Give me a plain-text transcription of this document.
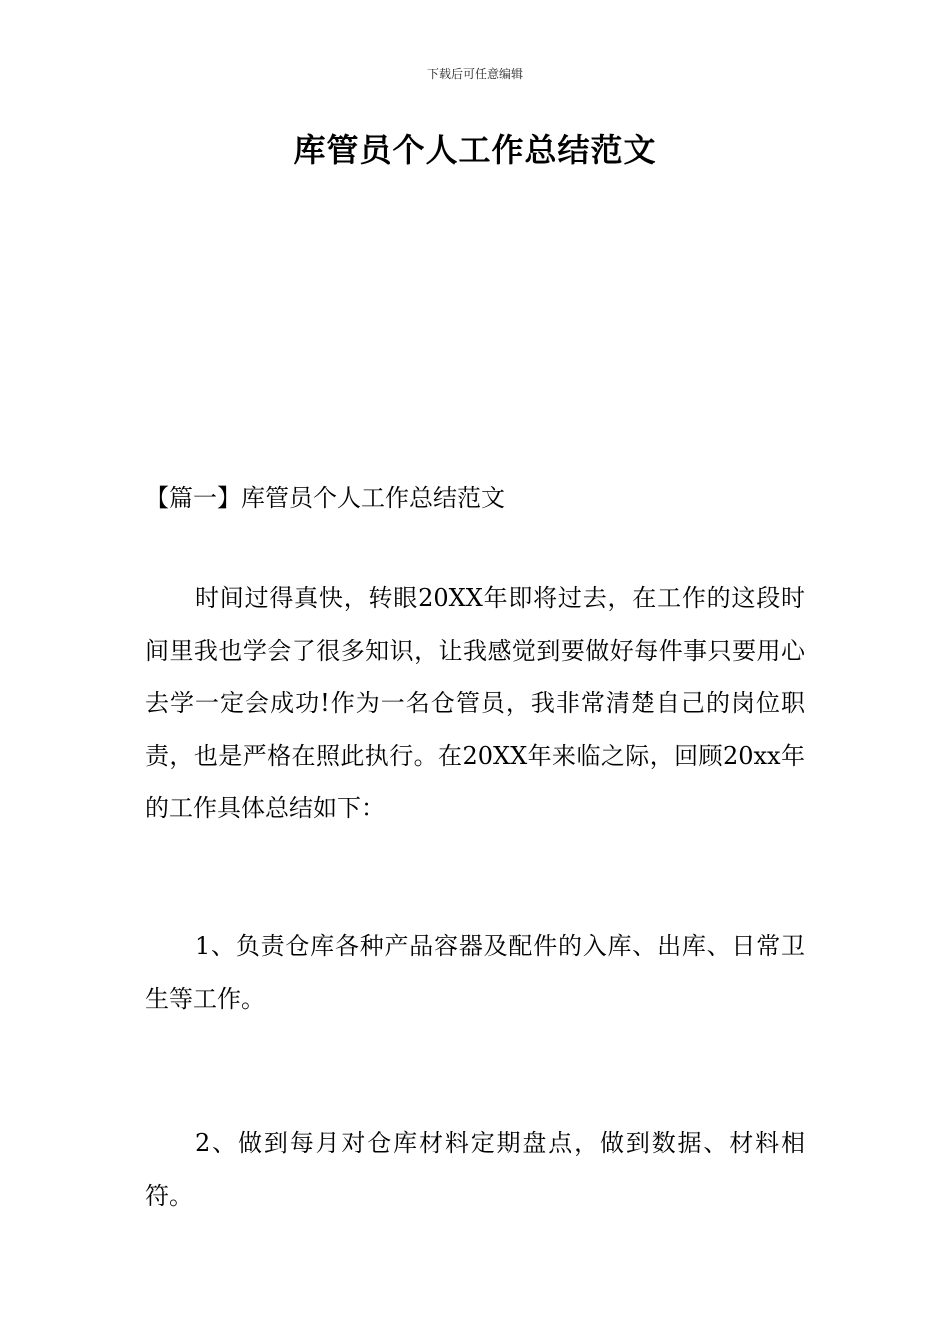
下载后可任意编辑
库管员个人工作总结范文
【篇一】库管员个人工作总结范文

时间过得真快，转眼20XX年即将过去，在工作的这段时间里我也学会了很多知识，让我感觉到要做好每件事只要用心去学一定会成功!作为一名仓管员，我非常清楚自己的岗位职责，也是严格在照此执行。在20XX年来临之际，回顾20xx年的工作具体总结如下：

1、负责仓库各种产品容器及配件的入库、出库、日常卫生等工作。

2、做到每月对仓库材料定期盘点，做到数据、材料相符。
